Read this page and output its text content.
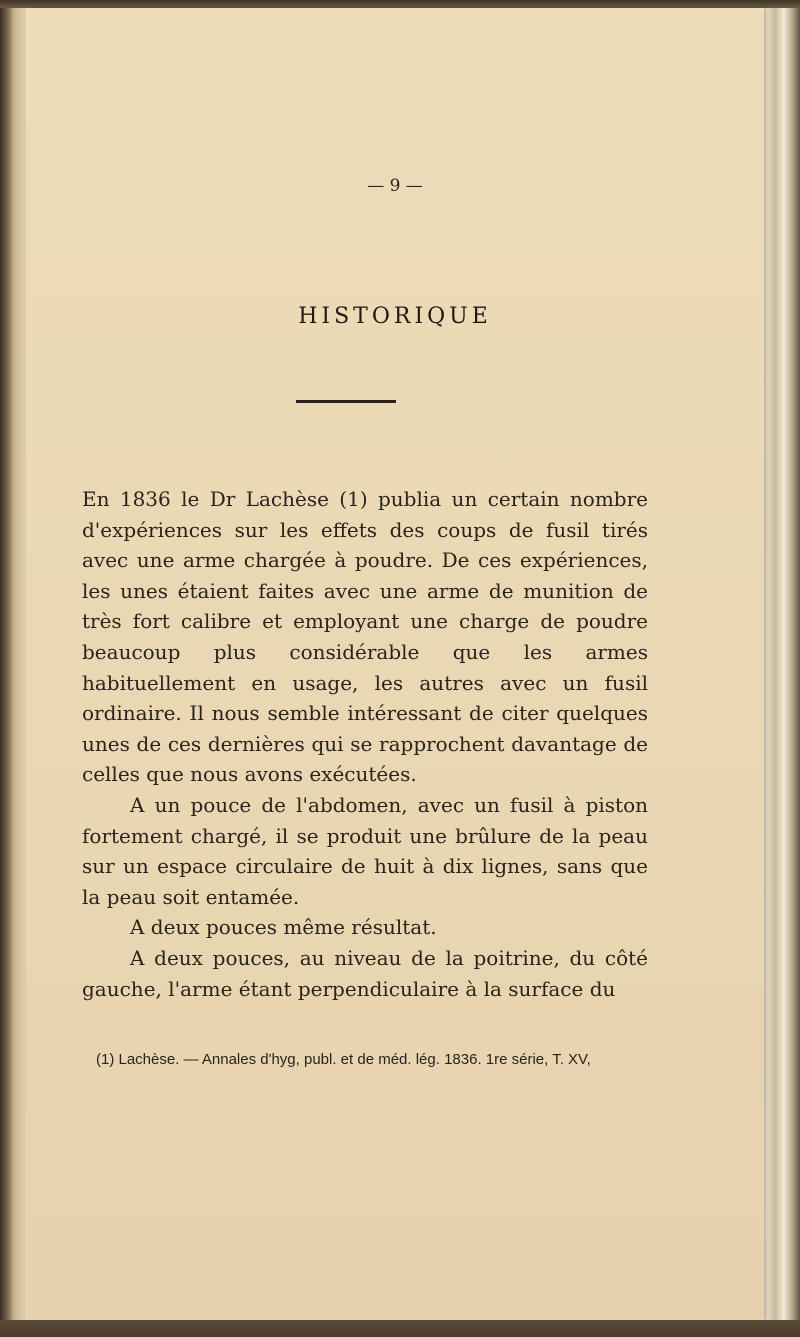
— 9 —

HISTORIQUE

En 1836 le Dr Lachèse (1) publia un certain nombre d'expériences sur les effets des coups de fusil tirés avec une arme chargée à poudre. De ces expériences, les unes étaient faites avec une arme de munition de très fort calibre et employant une charge de poudre beaucoup plus considérable que les armes habituellement en usage, les autres avec un fusil ordinaire. Il nous semble intéressant de citer quelques unes de ces dernières qui se rapprochent davantage de celles que nous avons exécutées.

A un pouce de l'abdomen, avec un fusil à piston fortement chargé, il se produit une brûlure de la peau sur un espace circulaire de huit à dix lignes, sans que la peau soit entamée.

A deux pouces même résultat.

A deux pouces, au niveau de la poitrine, du côté gauche, l'arme étant perpendiculaire à la surface du

(1) Lachèse. — Annales d'hyg, publ. et de méd. lég. 1836. 1re série, T. XV,
